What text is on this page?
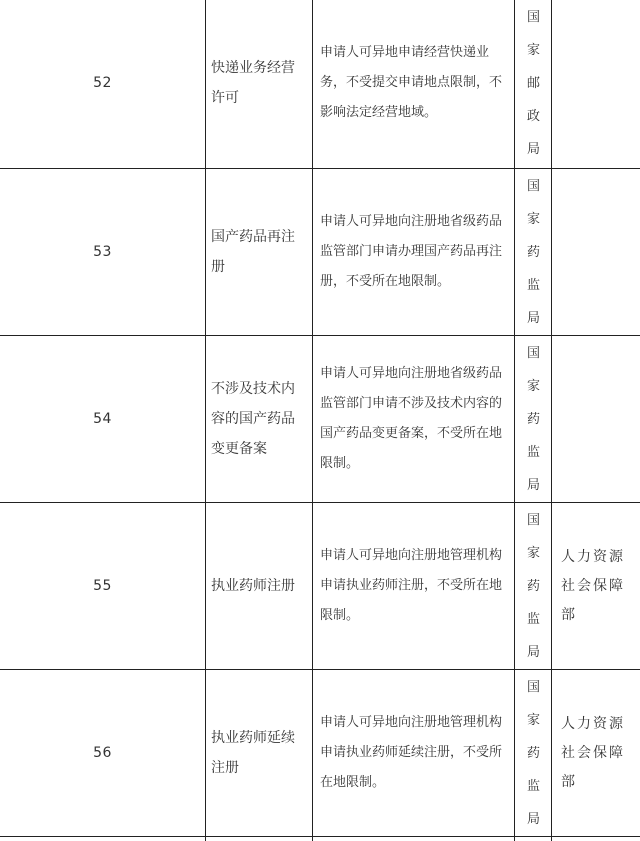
52
快递业务经营许可
申请人可异地申请经营快递业务，不受提交申请地点限制，不影响法定经营地域。
国
家
邮
政
局
53
国产药品再注册
申请人可异地向注册地省级药品监管部门申请办理国产药品再注册，不受所在地限制。
国
家
药
监
局
54
不涉及技术内容的国产药品变更备案
申请人可异地向注册地省级药品监管部门申请不涉及技术内容的国产药品变更备案，不受所在地限制。
国
家
药
监
局
55	执业药师注册
申请人可异地向注册地管理机构申请执业药师注册，不受所在地限制。
国
家
药
监
局
人力资源社会保障部
56
执业药师延续注册
申请人可异地向注册地管理机构申请执业药师延续注册，不受所在地限制。
国
家
药
监
局
人力资源社会保障部
